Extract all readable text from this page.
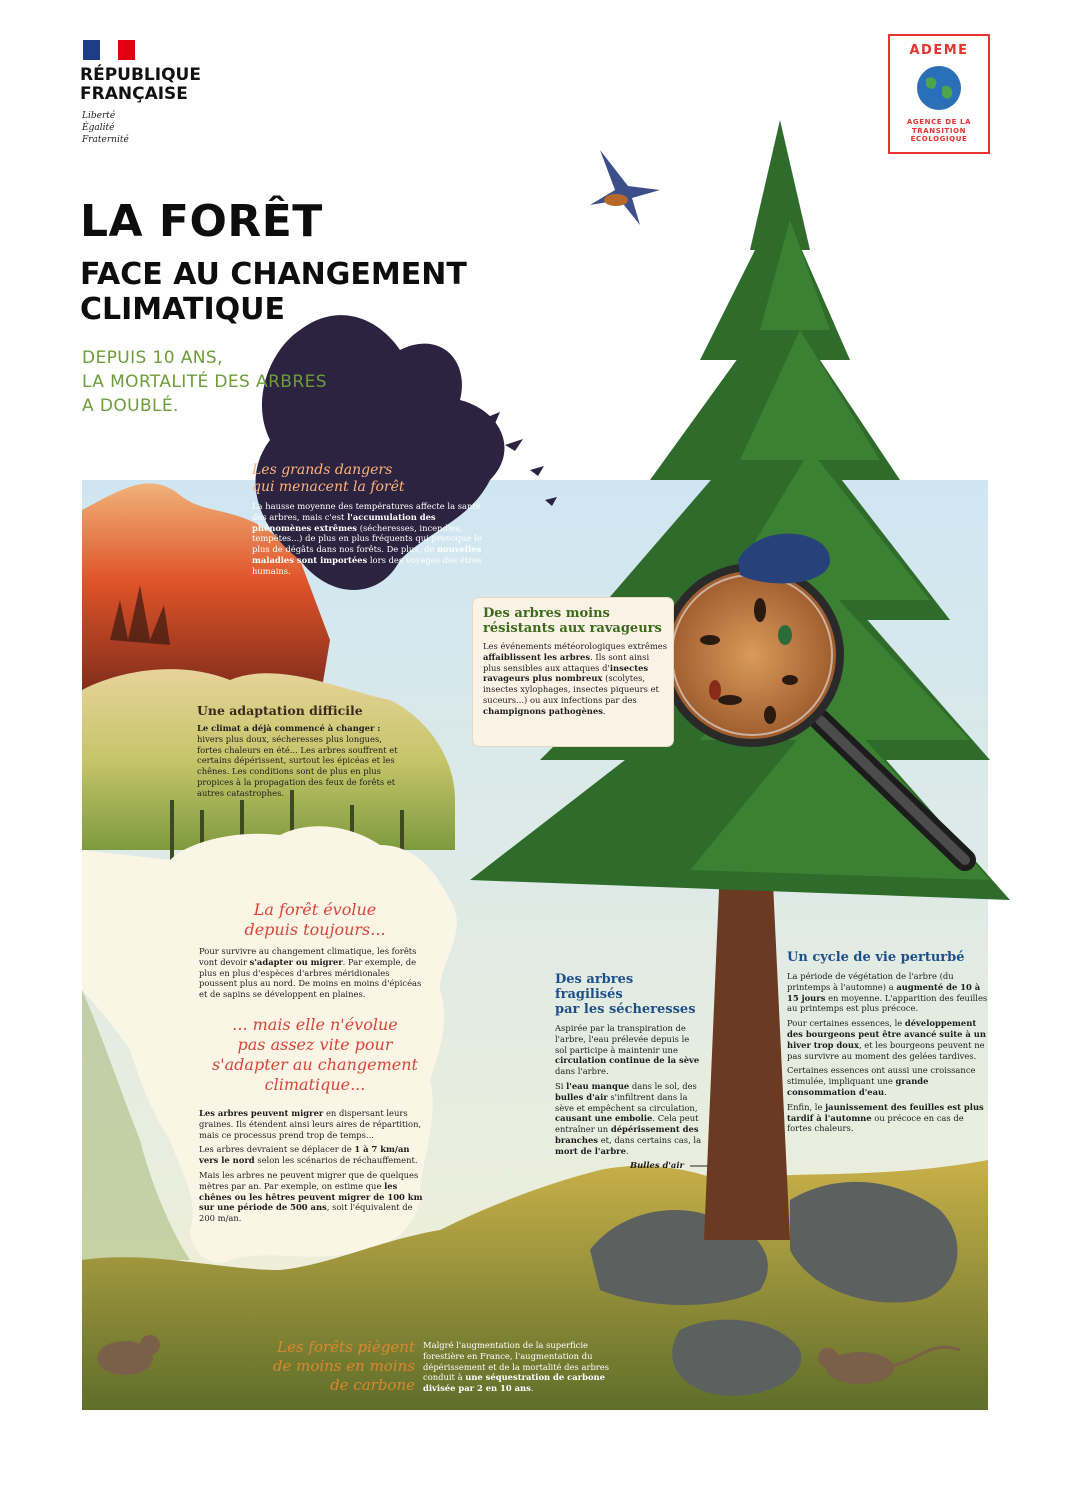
RÉPUBLIQUE
FRANÇAISE
Liberté
Égalité
Fraternité
ADEME
AGENCE DE LA
TRANSITION
ÉCOLOGIQUE
LA FORÊT
FACE AU CHANGEMENT
CLIMATIQUE
DEPUIS 10 ANS,
LA MORTALITÉ DES ARBRES
A DOUBLÉ.
Les grands dangers
qui menacent la forêt
La hausse moyenne des températures affecte la santé des arbres, mais c'est l'accumulation des phénomènes extrêmes (sécheresses, incendies, tempêtes...) de plus en plus fréquents qui provoque le plus de dégâts dans nos forêts. De plus, de nouvelles maladies sont importées lors des voyages des êtres humains.
Des arbres moins
résistants aux ravageurs
Les événements météorologiques extrêmes affaiblissent les arbres. Ils sont ainsi plus sensibles aux attaques d'insectes ravageurs plus nombreux (scolytes, insectes xylophages, insectes piqueurs et suceurs...) ou aux infections par des champignons pathogènes.
Une adaptation difficile
Le climat a déjà commencé à changer : hivers plus doux, sécheresses plus longues, fortes chaleurs en été... Les arbres souffrent et certains dépérissent, surtout les épicéas et les chênes. Les conditions sont de plus en plus propices à la propagation des feux de forêts et autres catastrophes.
La forêt évolue
depuis toujours...
Pour survivre au changement climatique, les forêts vont devoir s'adapter ou migrer. Par exemple, de plus en plus d'espèces d'arbres méridionales poussent plus au nord. De moins en moins d'épicéas et de sapins se développent en plaines.
... mais elle n'évolue
pas assez vite pour
s'adapter au changement
climatique...

Les arbres peuvent migrer en dispersant leurs graines. Ils étendent ainsi leurs aires de répartition, mais ce processus prend trop de temps...

Les arbres devraient se déplacer de 1 à 7 km/an vers le nord selon les scénarios de réchauffement.

Mais les arbres ne peuvent migrer que de quelques mètres par an. Par exemple, on estime que les chênes ou les hêtres peuvent migrer de 100 km sur une période de 500 ans, soit l'équivalent de 200 m/an.

Des arbres fragilisés
par les sécheresses

Aspirée par la transpiration de l'arbre, l'eau prélevée depuis le sol participe à maintenir une circulation continue de la sève dans l'arbre.

Si l'eau manque dans le sol, des bulles d'air s'infiltrent dans la sève et empêchent sa circulation, causant une embolie. Cela peut entraîner un dépérissement des branches et, dans certains cas, la mort de l'arbre.

Bulles d'air
Un cycle de vie perturbé

La période de végétation de l'arbre (du printemps à l'automne) a augmenté de 10 à 15 jours en moyenne. L'apparition des feuilles au printemps est plus précoce.

Pour certaines essences, le développement des bourgeons peut être avancé suite à un hiver trop doux, et les bourgeons peuvent ne pas survivre au moment des gelées tardives.

Certaines essences ont aussi une croissance stimulée, impliquant une grande consommation d'eau.

Enfin, le jaunissement des feuilles est plus tardif à l'automne ou précoce en cas de fortes chaleurs.

Les forêts piègent
de moins en moins
de carbone
Malgré l'augmentation de la superficie forestière en France, l'augmentation du dépérissement et de la mortalité des arbres conduit à une séquestration de carbone divisée par 2 en 10 ans.
